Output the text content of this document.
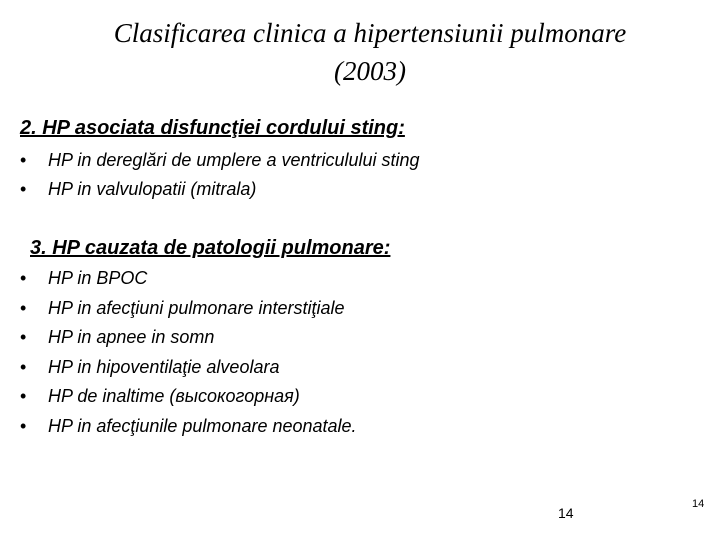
Clasificarea clinica a hipertensiunii pulmonare
(2003)

2. HP asociata disfuncţiei cordului sting:

• HP in dereglări de umplere a ventriculului sting
• HP in valvulopatii (mitrala)

3. HP cauzata de patologii pulmonare:

• HP in BPOC
• HP in afecţiuni pulmonare interstiţiale
• HP in apnee in somn
• HP in hipoventilaţie alveolara
• HP de inaltime (высокогорная)
• HP in afecţiunile pulmonare neonatale.
14
14
